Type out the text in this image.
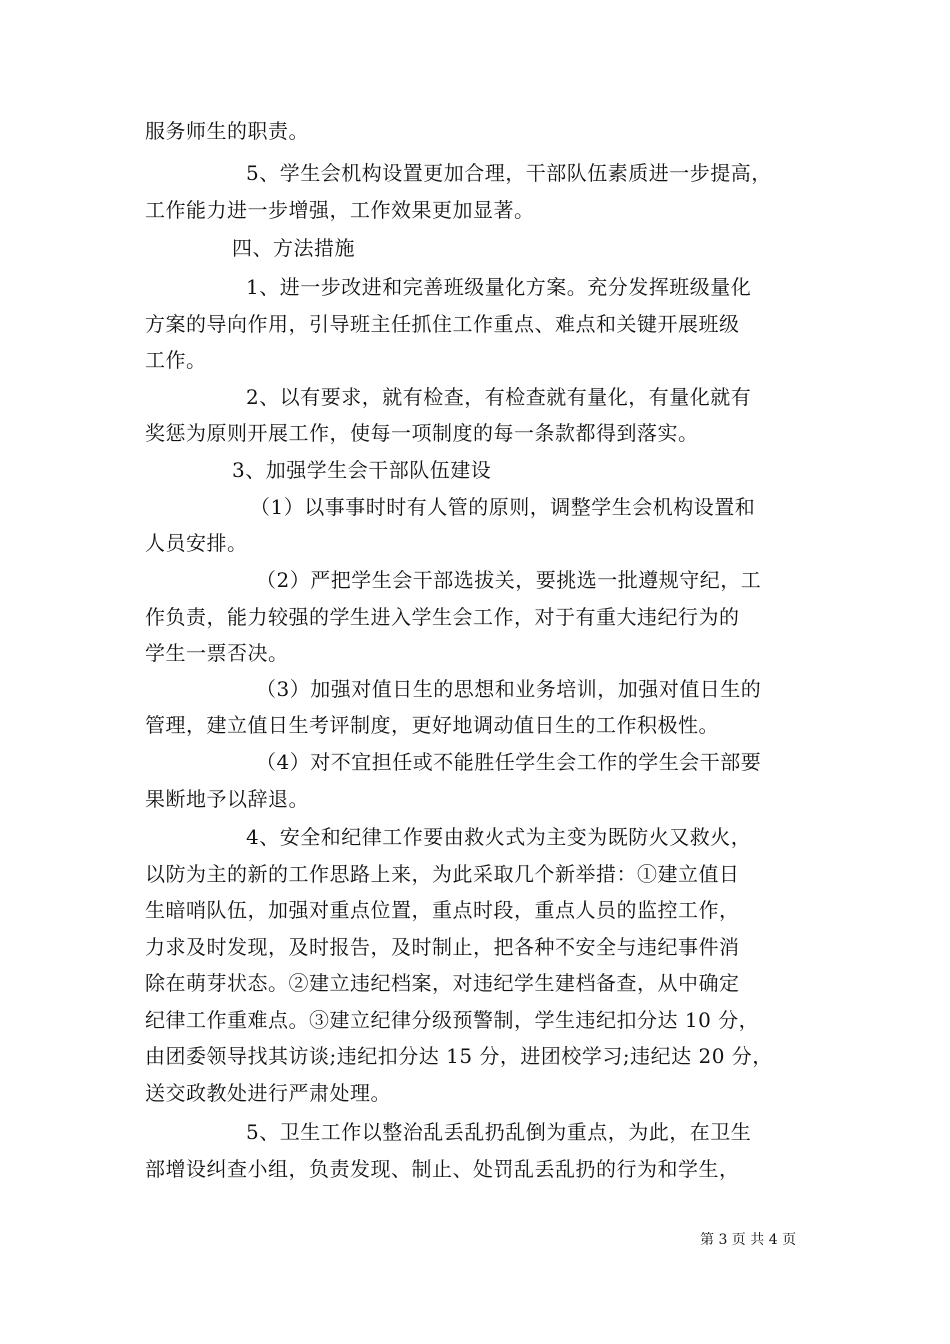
服务师生的职责。

5、学生会机构设置更加合理，干部队伍素质进一步提高，

工作能力进一步增强，工作效果更加显著。

四、方法措施

1、进一步改进和完善班级量化方案。充分发挥班级量化

方案的导向作用，引导班主任抓住工作重点、难点和关键开展班级

工作。

2、以有要求，就有检查，有检查就有量化，有量化就有

奖惩为原则开展工作，使每一项制度的每一条款都得到落实。

3、加强学生会干部队伍建设

（1）以事事时时有人管的原则，调整学生会机构设置和

人员安排。

（2）严把学生会干部选拔关，要挑选一批遵规守纪，工

作负责，能力较强的学生进入学生会工作，对于有重大违纪行为的

学生一票否决。

（3）加强对值日生的思想和业务培训，加强对值日生的

管理，建立值日生考评制度，更好地调动值日生的工作积极性。

（4）对不宜担任或不能胜任学生会工作的学生会干部要

果断地予以辞退。

4、安全和纪律工作要由救火式为主变为既防火又救火，

以防为主的新的工作思路上来，为此采取几个新举措：①建立值日

生暗哨队伍，加强对重点位置，重点时段，重点人员的监控工作，

力求及时发现，及时报告，及时制止，把各种不安全与违纪事件消

除在萌芽状态。②建立违纪档案，对违纪学生建档备查，从中确定

纪律工作重难点。③建立纪律分级预警制，学生违纪扣分达 10 分，

由团委领导找其访谈;违纪扣分达 15 分，进团校学习;违纪达 20 分，

送交政教处进行严肃处理。

5、卫生工作以整治乱丢乱扔乱倒为重点，为此，在卫生

部增设纠查小组，负责发现、制止、处罚乱丢乱扔的行为和学生，

第 3 页 共 4 页
